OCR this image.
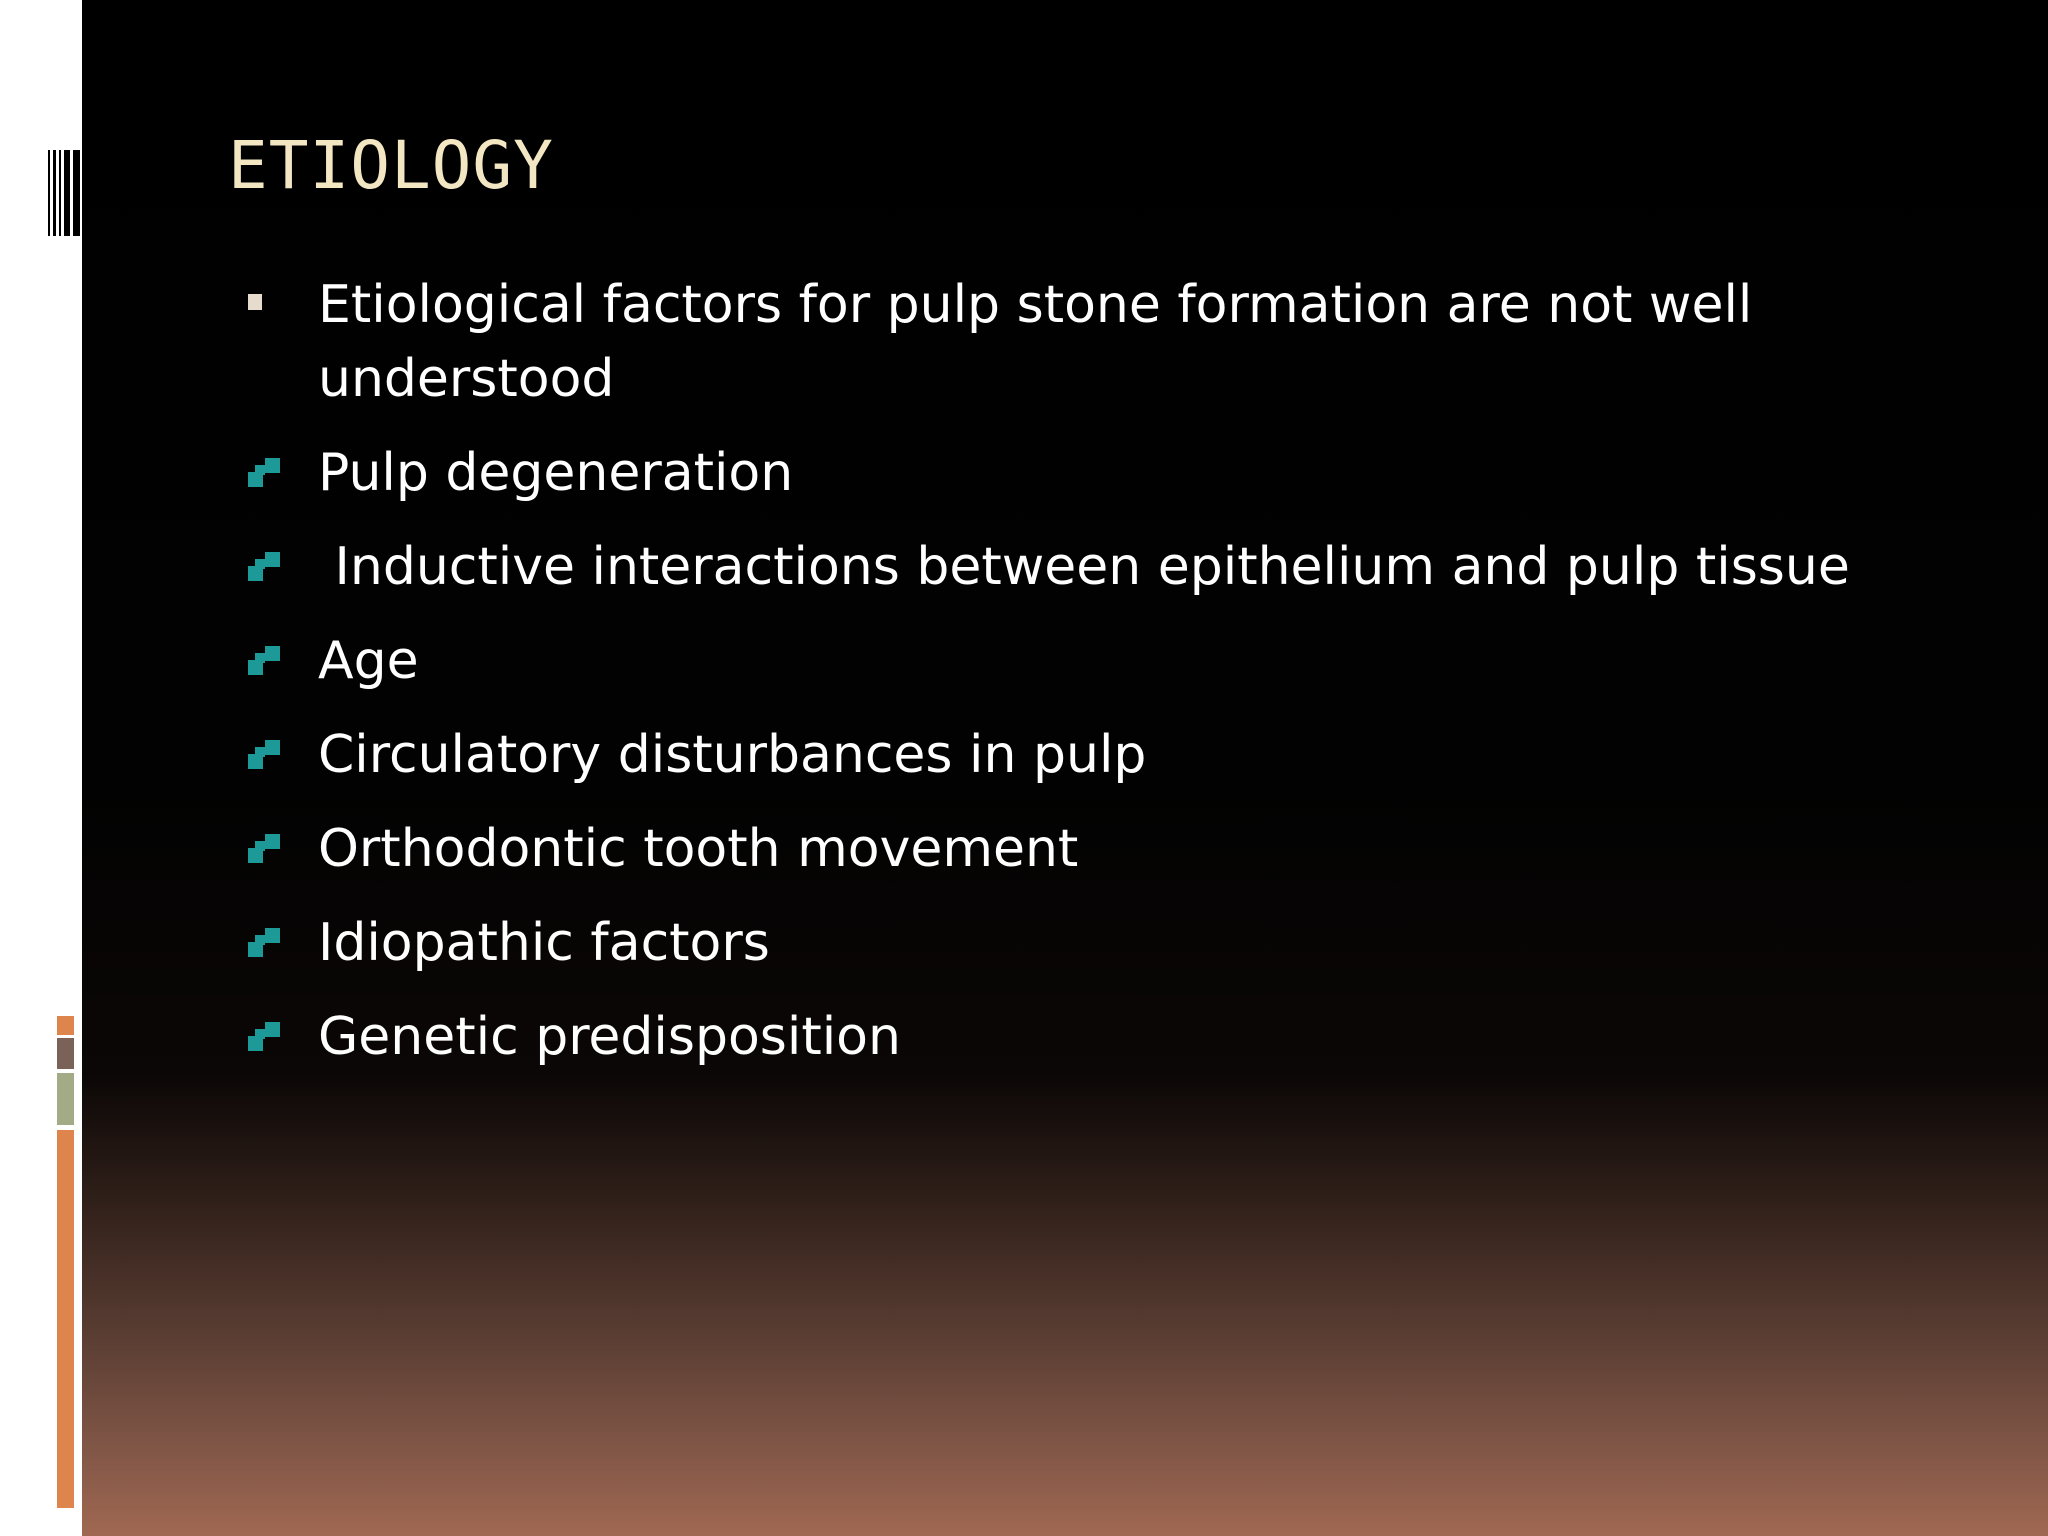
ETIOLOGY
Etiological factors for pulp stone formation are not well understood
Pulp degeneration
Inductive interactions between epithelium and pulp tissue
Age
Circulatory disturbances in pulp
Orthodontic tooth movement
Idiopathic factors
Genetic predisposition
